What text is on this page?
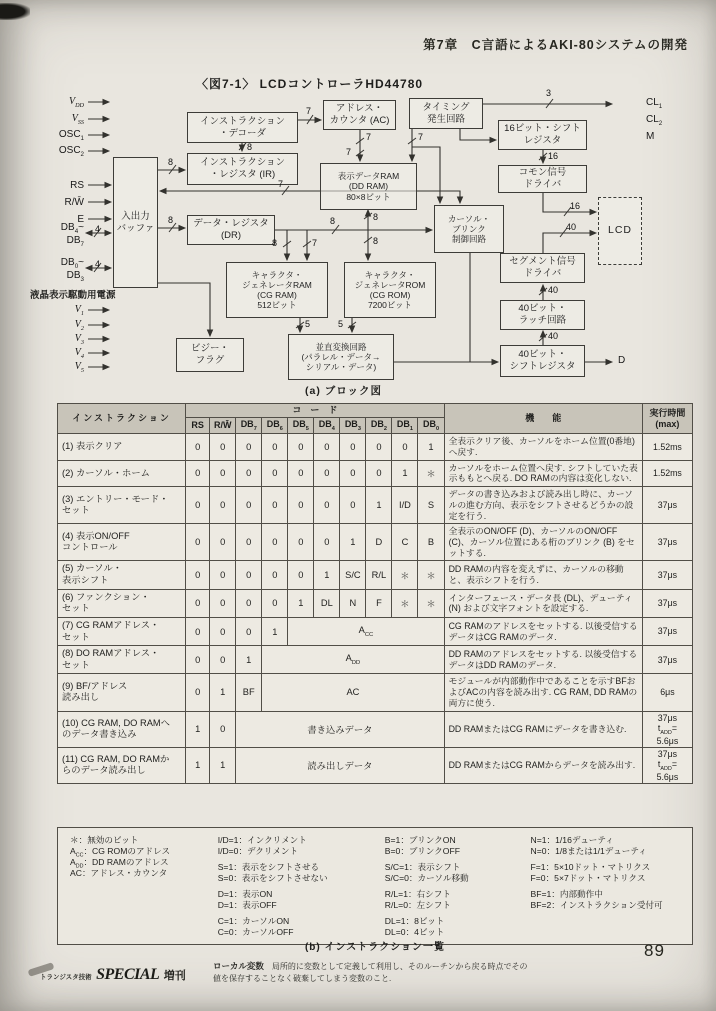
第7章　C言語によるAKI-80システムの開発
〈図7-1〉 LCDコントローラHD44780
入出力
バッファ
インストラクション
・デコーダ
インストラクション
・レジスタ (IR)
データ・レジスタ
(DR)
アドレス・
カウンタ (AC)
タイミング
発生回路
16ビット・シフト
レジスタ
表示データRAM
(DD RAM)
80×8ビット
コモン信号
ドライバ
カーソル・
ブリンク
制御回路
LCD
セグメント信号
ドライバ
キャラクタ・
ジェネレータRAM
(CG RAM)
512ビット
キャラクタ・
ジェネレータROM
(CG ROM)
7200ビット
ビジー・
フラグ
並直変換回路
(パラレル・データ→
シリアル・データ)
40ビット・
ラッチ回路
40ビット・
シフトレジスタ
$V_{DD}$
$V_{SS}$
$OSC_1$
$OSC_2$
RS
R/W̄
E
$DB_4\sim$
$DB_7$
$DB_0\sim$
$DB_3$
液晶表示駆動用電源
$V_1$
$V_2$
$V_3$
$V_4$
$V_5$
$CL_1$
$CL_2$
M
D
7
8
8
7
8	8
8	7
7
7
7
3
16
16
40
40
40
8
8
5	5
4
4
(a) ブロック図
インストラクション	コ　ー　ド										機　　能	実行時間
(max)
	RS	R/W̄	$DB_7$	$DB_6$	$DB_5$	$DB_4$	$DB_3$	$DB_2$	$DB_1$	$DB_0$
(1) 表示クリア	0	0	0	0	0	0	0	0	0	1	全表示クリア後、カーソルをホーム位置(0番地)へ戻す.	1.52ms
(2) カーソル・ホーム	0	0	0	0	0	0	0	0	1	＊	カーソルをホーム位置へ戻す. シフトしていた表示ももとへ戻る. DO RAMの内容は変化しない.	1.52ms
(3) エントリー・モード・
セット	0	0	0	0	0	0	0	1	I/D	S	データの書き込みおよび読み出し時に、カーソルの進む方向、表示をシフトさせるどうかの設定を行う.	37μs
(4) 表示ON/OFF
コントロール	0	0	0	0	0	0	1	D	C	B	全表示のON/OFF (D)、カーソルのON/OFF (C)、カーソル位置にある桁のブリンク (B) をセットする.	37μs
(5) カーソル・
表示シフト	0	0	0	0	0	1	S/C	R/L	＊	＊	DD RAMの内容を変えずに、カーソルの移動と、表示シフトを行う.	37μs
(6) ファンクション・
セット	0	0	0	0	1	DL	N	F	＊	＊	インターフェース・データ長 (DL)、デューティ (N) および文字フォントを設定する.	37μs
(7) CG RAMアドレス・
セット	0	0	0	1	$A_{CC}$						CG RAMのアドレスをセットする. 以後受信するデータはCG RAMのデータ.	37μs
(8) DO RAMアドレス・
セット	0	0	1	$A_{DD}$							DD RAMのアドレスをセットする. 以後受信するデータはDD RAMのデータ.	37μs
(9) BF/アドレス
読み出し	0	1	BF	AC							モジュールが内部動作中であることを示すBFおよびACの内容を読み出す. CG RAM, DD RAMの両方に使う.	6μs
(10) CG RAM, DO RAMへ
のデータ書き込み	1	0	書き込みデータ								DD RAMまたはCG RAMにデータを書き込む.	37μs
$t_{ADD}=$
5.6μs
(11) CG RAM, DO RAMか
らのデータ読み出し	1	1	読み出しデータ								DD RAMまたはCG RAMからデータを読み出す.	37μs
$t_{ADD}=$
5.6μs
＊：無効のビット
$A_{CC}$：CG ROMのアドレス
$A_{DD}$：DD RAMのアドレス
AC：アドレス・カウンタ
I/D=1：インクリメント
I/D=0：デクリメント
S=1：表示をシフトさせる
S=0：表示をシフトさせない
D=1：表示ON
D=1：表示OFF
C=1：カーソルON
C=0：カーソルOFF
B=1：ブリンクON
B=0：ブリンクOFF
S/C=1：表示シフト
S/C=0：カーソル移動
R/L=1：右シフト
R/L=0：左シフト
DL=1：8ビット
DL=0：4ビット
N=1：1/16デューティ
N=0：1/8または1/1デューティ
F=1：5×10ドット・マトリクス
F=0：5×7ドット・マトリクス
BF=1：内部動作中
BF=2：インストラクション受付可
(b) インストラクション一覧	89
トランジスタ技術 SPECIAL 増刊
ローカル変数　局所的に変数として定義して利用し、そのルーチンから戻る時点でその値を保存することなく破棄してしまう変数のこと.
